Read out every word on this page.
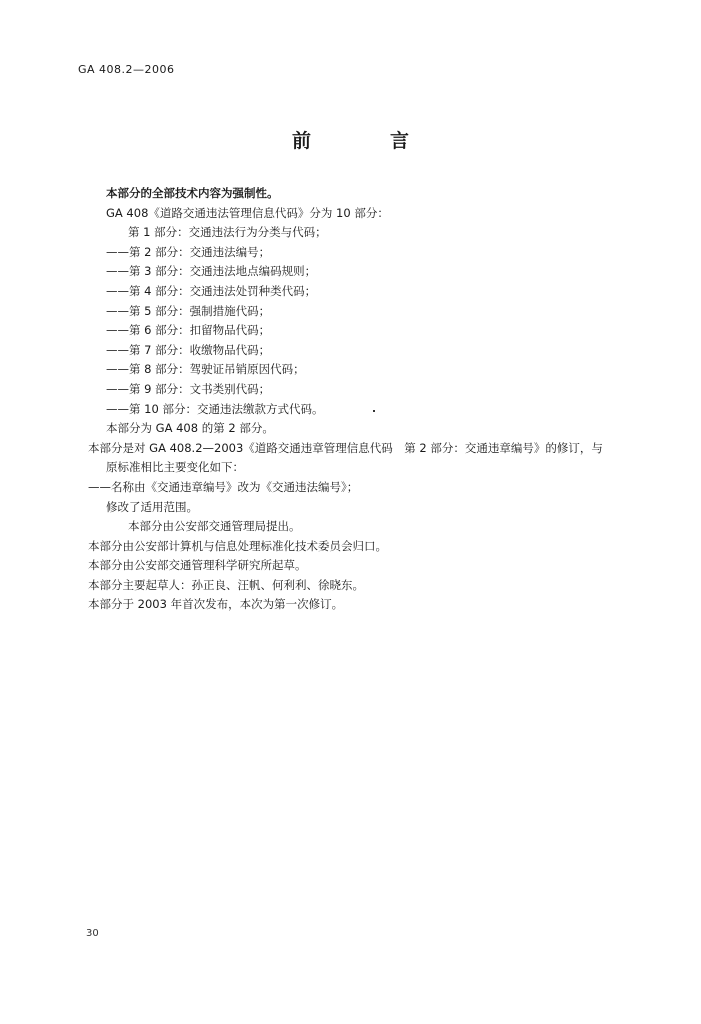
GA 408.2—2006
前　言
本部分的全部技术内容为强制性。
GA 408《道路交通违法管理信息代码》分为 10 部分：
第 1 部分：交通违法行为分类与代码；
——第 2 部分：交通违法编号；
——第 3 部分：交通违法地点编码规则；
——第 4 部分：交通违法处罚种类代码；
——第 5 部分：强制措施代码；
——第 6 部分：扣留物品代码；
——第 7 部分：收缴物品代码；
——第 8 部分：驾驶证吊销原因代码；
——第 9 部分：文书类别代码；
——第 10 部分：交通违法缴款方式代码。
本部分为 GA 408 的第 2 部分。
本部分是对 GA 408.2—2003《道路交通违章管理信息代码　第 2 部分：交通违章编号》的修订，与
原标准相比主要变化如下：
——名称由《交通违章编号》改为《交通违法编号》；
修改了适用范围。
本部分由公安部交通管理局提出。
本部分由公安部计算机与信息处理标准化技术委员会归口。
本部分由公安部交通管理科学研究所起草。
本部分主要起草人：孙正良、汪帆、何利利、徐晓东。
本部分于 2003 年首次发布，本次为第一次修订。
30
